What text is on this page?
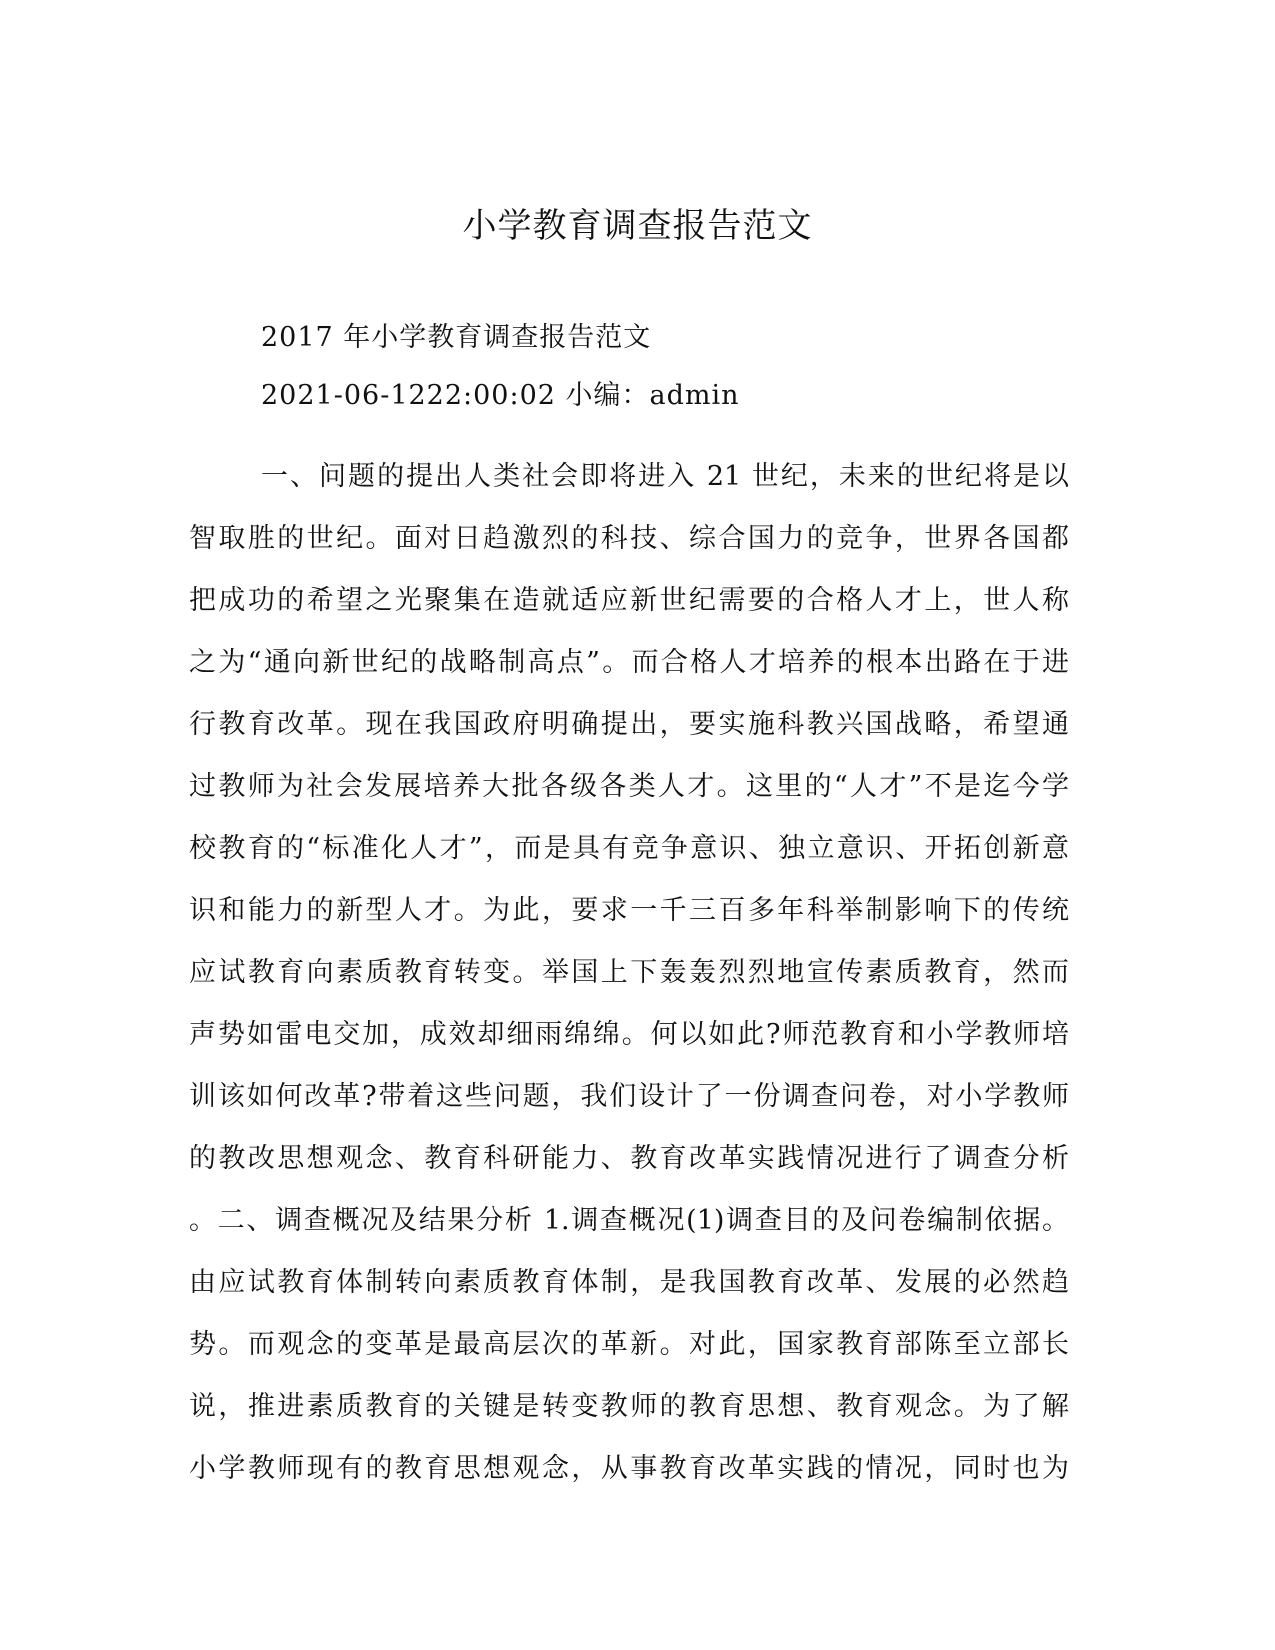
小学教育调查报告范文
2017 年小学教育调查报告范文
2021-06-1222:00:02 小编：admin
一、问题的提出人类社会即将进入 21 世纪，未来的世纪将是以
智取胜的世纪。面对日趋激烈的科技、综合国力的竞争，世界各国都
把成功的希望之光聚集在造就适应新世纪需要的合格人才上，世人称
之为“通向新世纪的战略制高点”。而合格人才培养的根本出路在于进
行教育改革。现在我国政府明确提出，要实施科教兴国战略，希望通
过教师为社会发展培养大批各级各类人才。这里的“人才”不是迄今学
校教育的“标准化人才”，而是具有竞争意识、独立意识、开拓创新意
识和能力的新型人才。为此，要求一千三百多年科举制影响下的传统
应试教育向素质教育转变。举国上下轰轰烈烈地宣传素质教育，然而
声势如雷电交加，成效却细雨绵绵。何以如此?师范教育和小学教师培
训该如何改革?带着这些问题，我们设计了一份调查问卷，对小学教师
的教改思想观念、教育科研能力、教育改革实践情况进行了调查分析
。二、调查概况及结果分析 1.调查概况(1)调查目的及问卷编制依据。
由应试教育体制转向素质教育体制，是我国教育改革、发展的必然趋
势。而观念的变革是最高层次的革新。对此，国家教育部陈至立部长
说，推进素质教育的关键是转变教师的教育思想、教育观念。为了解
小学教师现有的教育思想观念，从事教育改革实践的情况，同时也为
